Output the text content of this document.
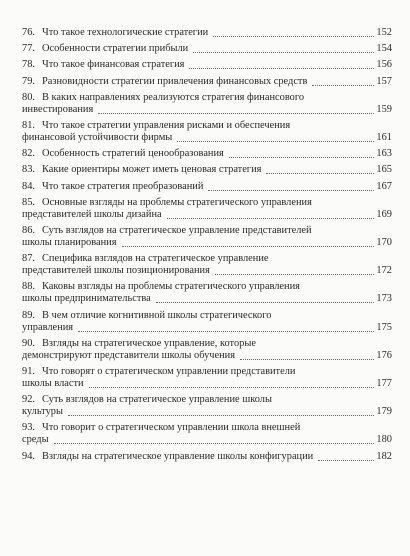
76. Что такое технологические стратегии	152
77. Особенности стратегии прибыли	154
78. Что такое финансовая стратегия	156
79. Разновидности стратегии привлечения финансовых средств	157
80. В каких направлениях реализуются стратегия финансового
инвестирования	159
81. Что такое стратегии управления рисками и обеспечения
финансовой устойчивости фирмы	161
82. Особенность стратегий ценообразования	163
83. Какие ориентиры может иметь ценовая стратегия	165
84. Что такое стратегия преобразований	167
85. Основные взгляды на проблемы стратегического управления
представителей школы дизайна	169
86. Суть взглядов на стратегическое управление представителей
школы планирования	170
87. Специфика взглядов на стратегическое управление
представителей школы позиционирования	172
88. Каковы взгляды на проблемы стратегического управления
школы предпринимательства	173
89. В чем отличие когнитивной школы стратегического
управления	175
90. Взгляды на стратегическое управление, которые
демонстрируют представители школы обучения	176
91. Что говорят о стратегическом управлении представители
школы власти	177
92. Суть взглядов на стратегическое управление школы
культуры	179
93. Что говорит о стратегическом управлении школа внешней
среды	180
94. Взгляды на стратегическое управление школы конфигурации	182
